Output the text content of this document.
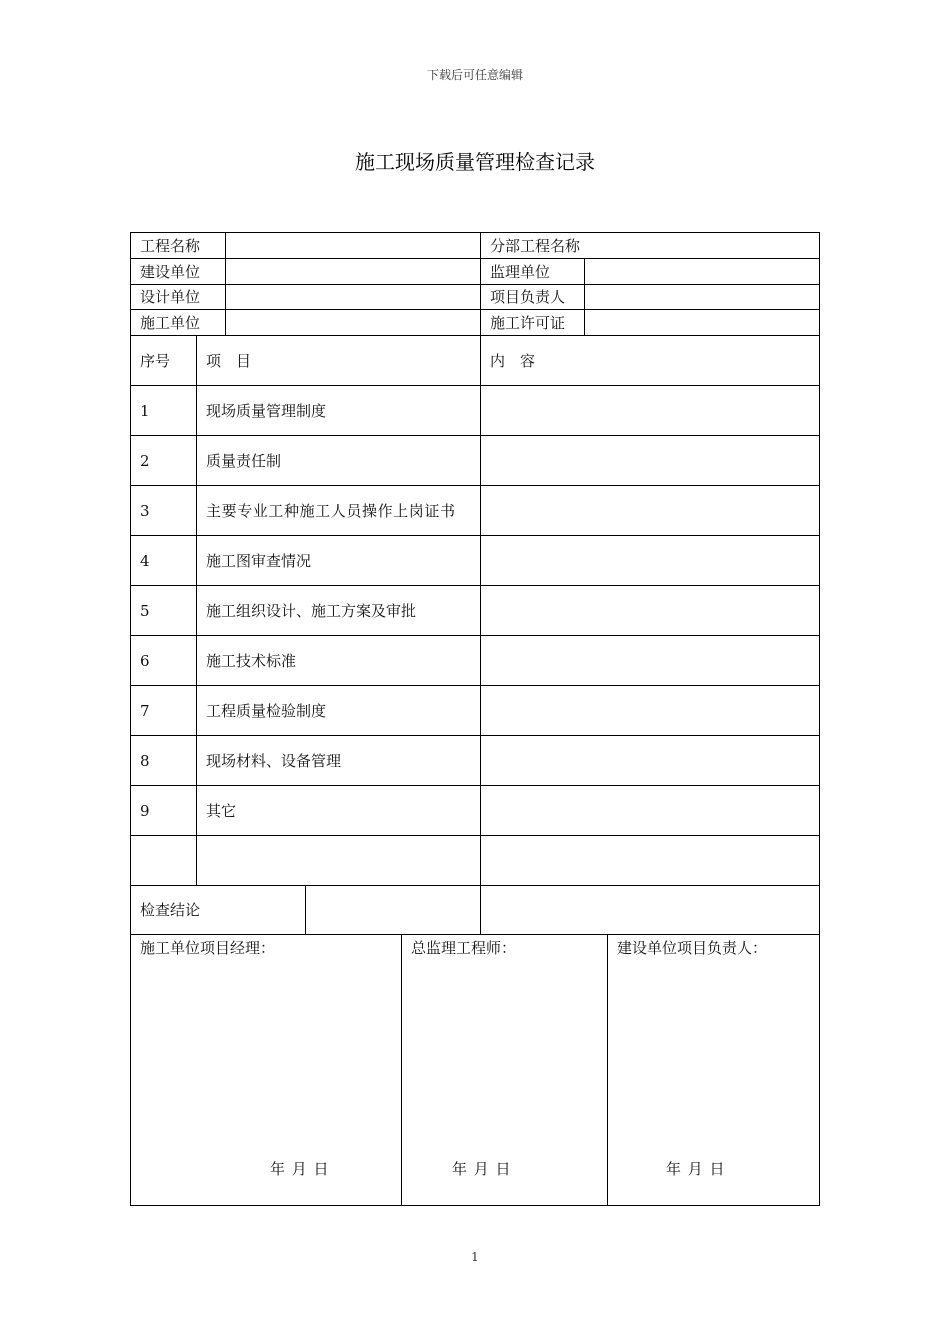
下载后可任意编辑
施工现场质量管理检查记录
工程名称	分部工程名称
建设单位	监理单位
设计单位	项目负责人
施工单位	施工许可证
序号	项　目	内　容
1	现场质量管理制度
2	质量责任制
3	主要专业工种施工人员操作上岗证书
4	施工图审查情况
5	施工组织设计、施工方案及审批
6	施工技术标准
7	工程质量检验制度
8	现场材料、设备管理
9	其它
检查结论
施工单位项目经理：	总监理工程师：	建设单位项目负责人：
年 月 日	年 月 日	年 月 日
1
